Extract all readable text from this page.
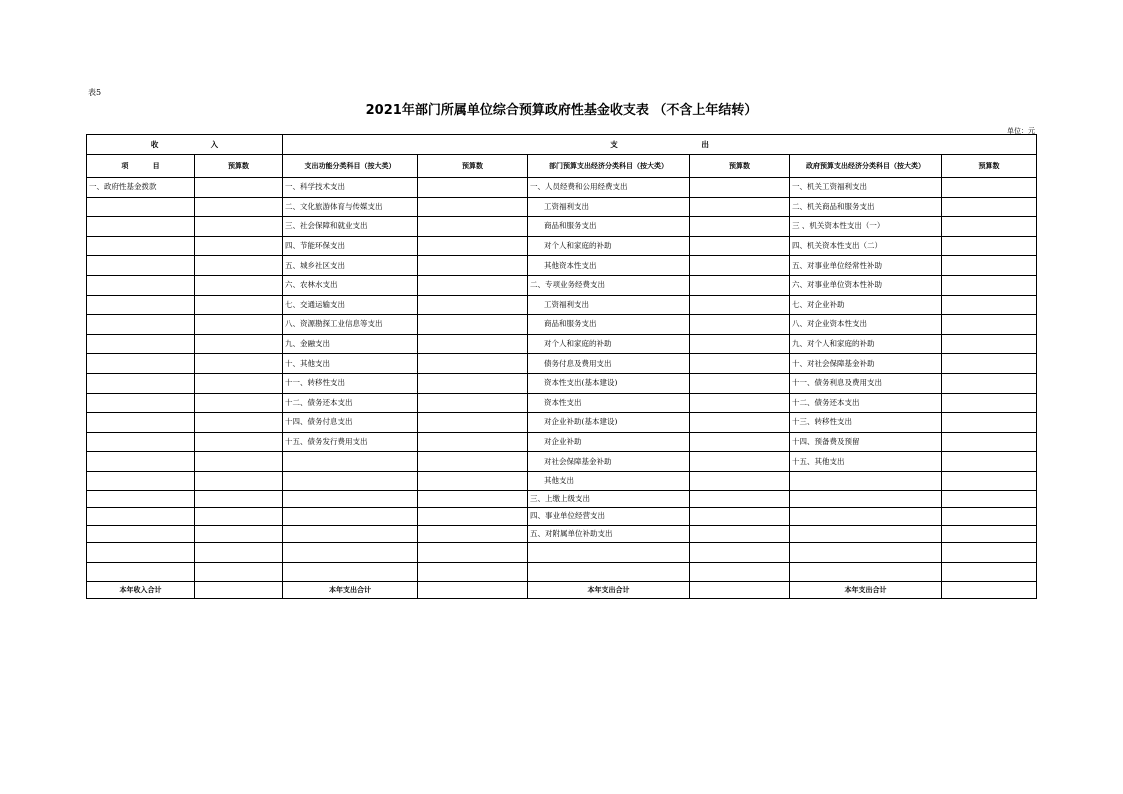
表5
2021年部门所属单位综合预算政府性基金收支表 （不含上年结转）
单位：元
收                    入		支                                出					
项          目	预算数	支出功能分类科目（按大类）	预算数	部门预算支出经济分类科目（按大类）	预算数	政府预算支出经济分类科目（按大类）	预算数
一、政府性基金拨款		一、科学技术支出		一、人员经费和公用经费支出		一、机关工资福利支出	
		二、文化旅游体育与传媒支出		工资福利支出		二、机关商品和服务支出	
		三、社会保障和就业支出		商品和服务支出		三 、机关资本性支出（一）	
		四、节能环保支出		对个人和家庭的补助		四、机关资本性支出（二）	
		五、城乡社区支出		其他资本性支出		五、对事业单位经常性补助	
		六、农林水支出		二、专项业务经费支出		六、对事业单位资本性补助	
		七、交通运输支出		工资福利支出		七、对企业补助	
		八、资源勘探工业信息等支出		商品和服务支出		八、对企业资本性支出	
		九、金融支出		对个人和家庭的补助		九、对个人和家庭的补助	
		十、其他支出		债务付息及费用支出		十、对社会保障基金补助	
		十一、转移性支出		资本性支出(基本建设)		十一、债务利息及费用支出	
		十二、债务还本支出		资本性支出		十二、债务还本支出	
		十四、债务付息支出		对企业补助(基本建设)		十三、转移性支出	
		十五、债务发行费用支出		对企业补助		十四、预备费及预留	
				对社会保障基金补助		十五、其他支出	
				其他支出			
				三、上缴上级支出			
				四、事业单位经营支出			
				五、对附属单位补助支出			

本年收入合计		本年支出合计		本年支出合计		本年支出合计	
